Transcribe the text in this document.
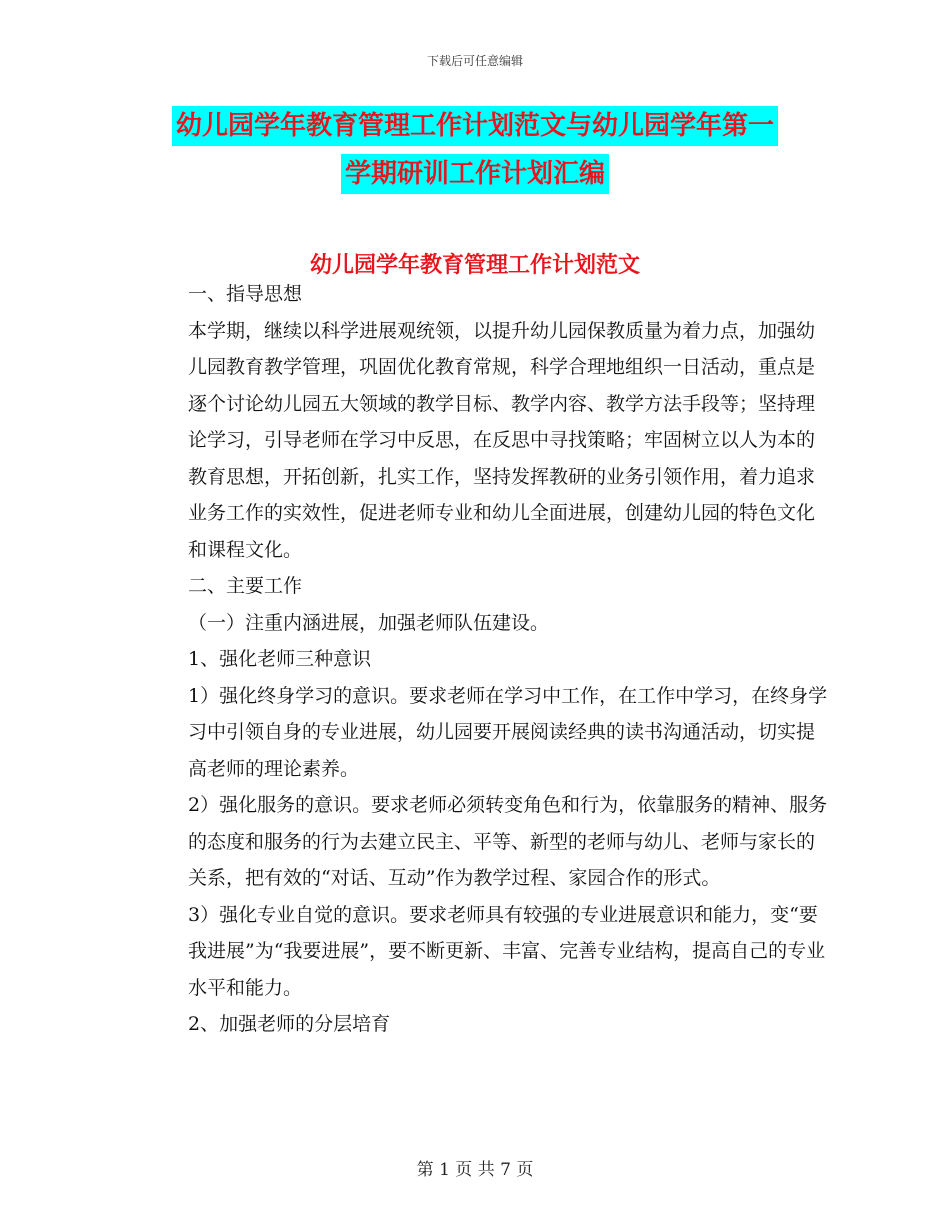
下载后可任意编辑
幼儿园学年教育管理工作计划范文与幼儿园学年第一
学期研训工作计划汇编
幼儿园学年教育管理工作计划范文

一、指导思想

本学期，继续以科学进展观统领，以提升幼儿园保教质量为着力点，加强幼儿园教育教学管理，巩固优化教育常规，科学合理地组织一日活动，重点是逐个讨论幼儿园五大领域的教学目标、教学内容、教学方法手段等；坚持理论学习，引导老师在学习中反思，在反思中寻找策略；牢固树立以人为本的教育思想，开拓创新，扎实工作，坚持发挥教研的业务引领作用，着力追求业务工作的实效性，促进老师专业和幼儿全面进展，创建幼儿园的特色文化和课程文化。

二、主要工作

（一）注重内涵进展，加强老师队伍建设。

1、强化老师三种意识

1）强化终身学习的意识。要求老师在学习中工作，在工作中学习，在终身学习中引领自身的专业进展，幼儿园要开展阅读经典的读书沟通活动，切实提高老师的理论素养。

2）强化服务的意识。要求老师必须转变角色和行为，依靠服务的精神、服务的态度和服务的行为去建立民主、平等、新型的老师与幼儿、老师与家长的关系，把有效的“对话、互动”作为教学过程、家园合作的形式。

3）强化专业自觉的意识。要求老师具有较强的专业进展意识和能力，变“要我进展”为“我要进展”，要不断更新、丰富、完善专业结构，提高自己的专业水平和能力。

2、加强老师的分层培育

第 1 页 共 7 页
